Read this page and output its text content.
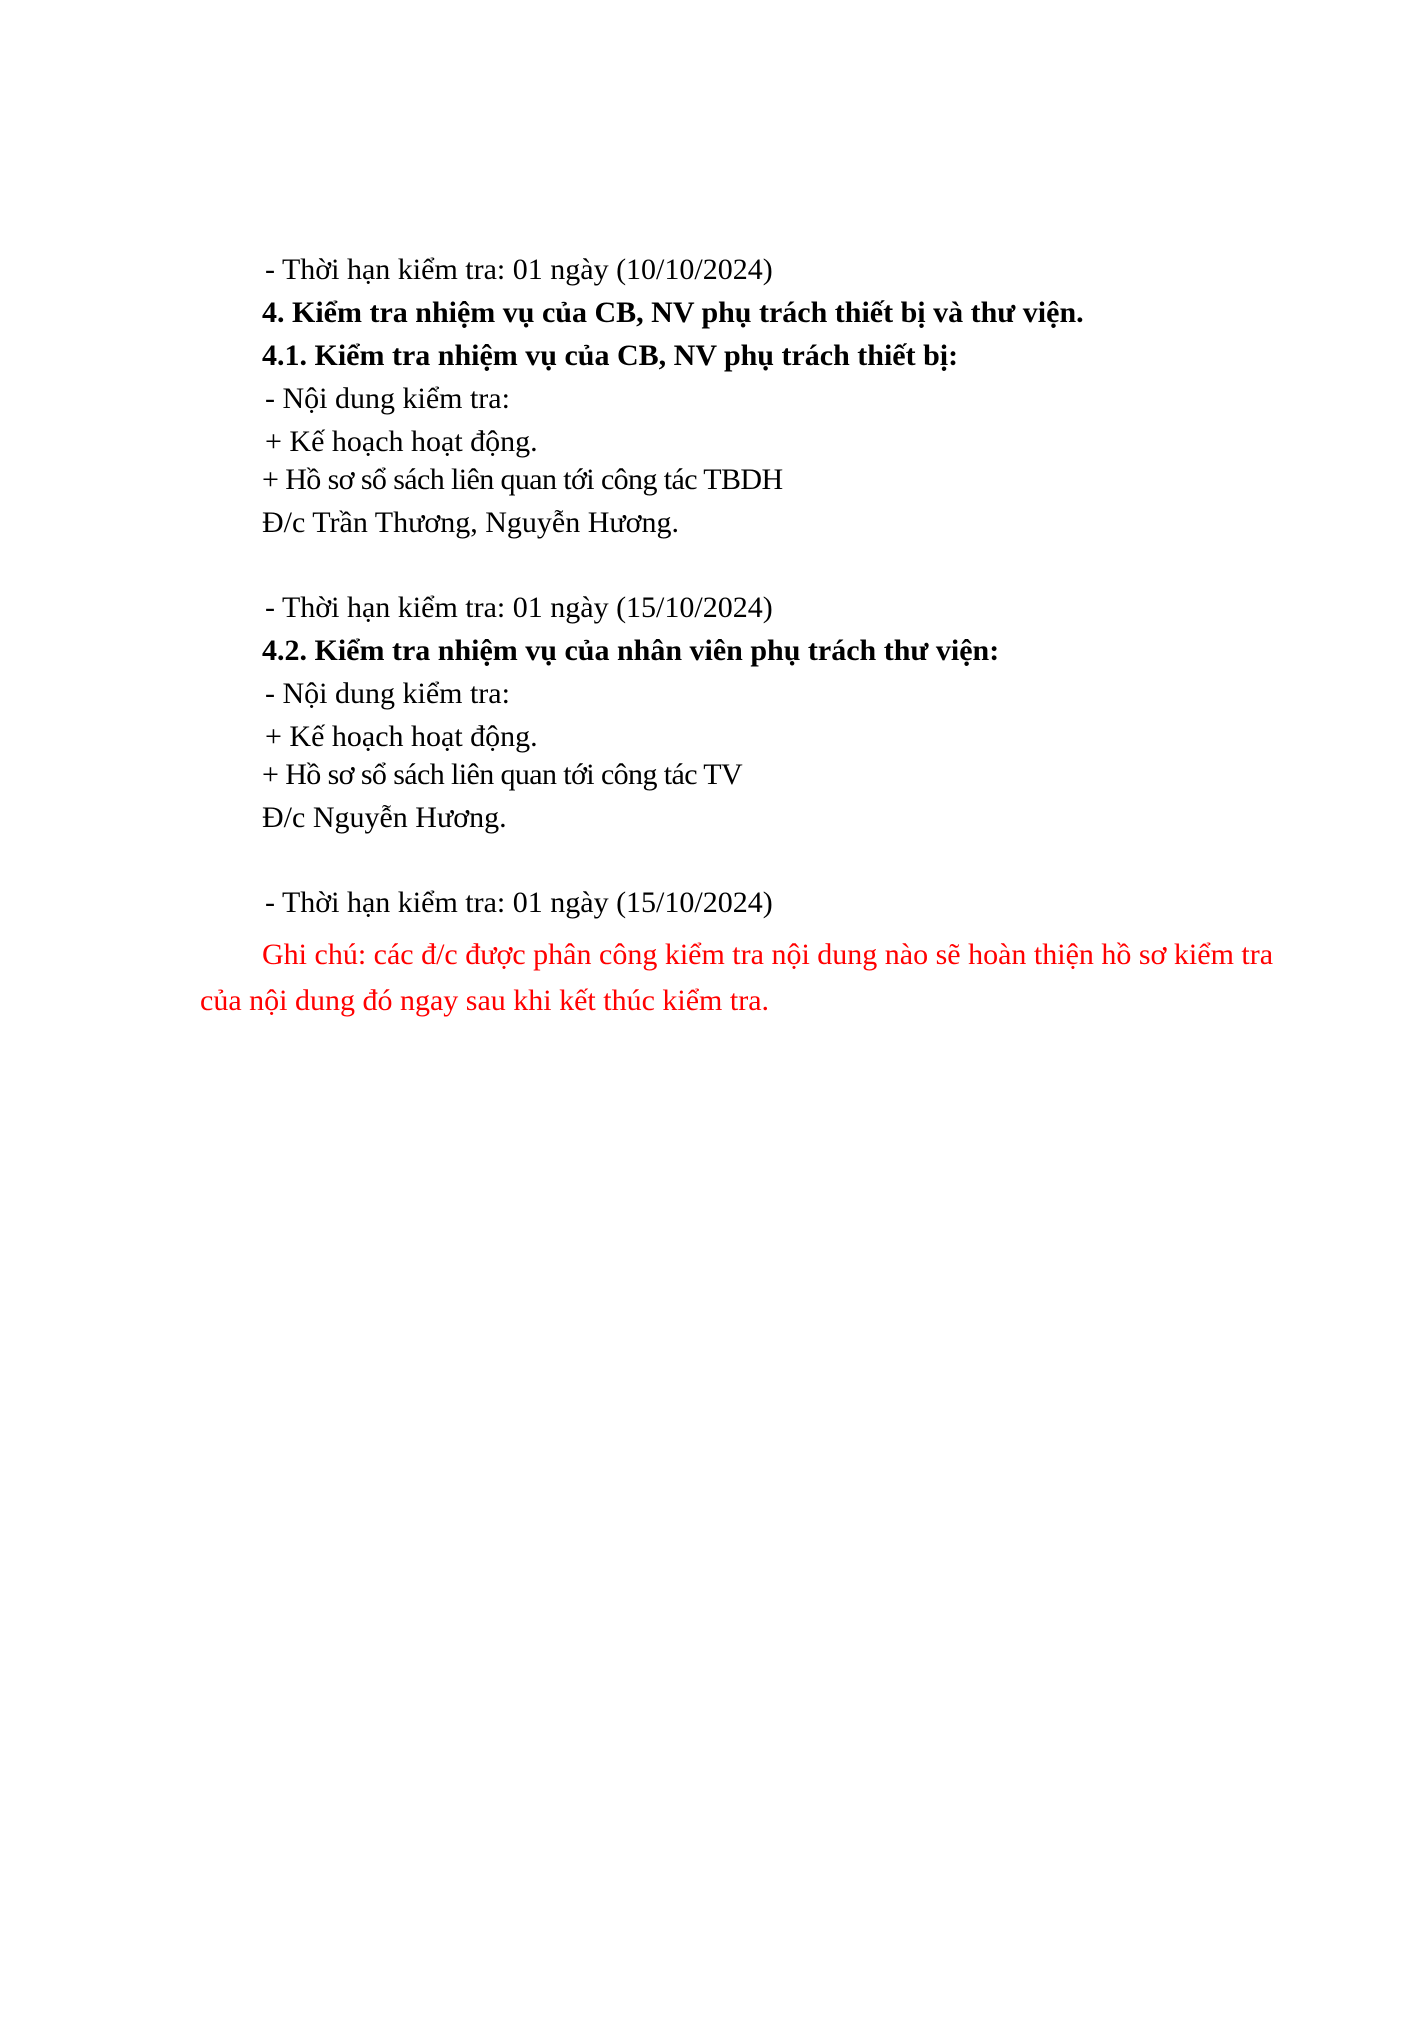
- Thời hạn kiểm tra: 01 ngày (10/10/2024)
4. Kiểm tra nhiệm vụ của CB, NV phụ trách thiết bị và thư viện.
4.1. Kiểm tra nhiệm vụ của CB, NV phụ trách thiết bị:
- Nội dung kiểm tra:
+ Kế hoạch hoạt động.
+ Hồ sơ sổ sách liên quan tới công tác TBDH
Đ/c Trần Thương, Nguyễn Hương.
- Thời hạn kiểm tra: 01 ngày (15/10/2024)
4.2. Kiểm tra nhiệm vụ của nhân viên phụ trách thư viện:
- Nội dung kiểm tra:
+ Kế hoạch hoạt động.
+ Hồ sơ sổ sách liên quan tới công tác TV
Đ/c Nguyễn Hương.
- Thời hạn kiểm tra: 01 ngày (15/10/2024)
Ghi chú: các đ/c được phân công kiểm tra nội dung nào sẽ hoàn thiện hồ sơ kiểm tra của nội dung đó ngay sau khi kết thúc kiểm tra.
